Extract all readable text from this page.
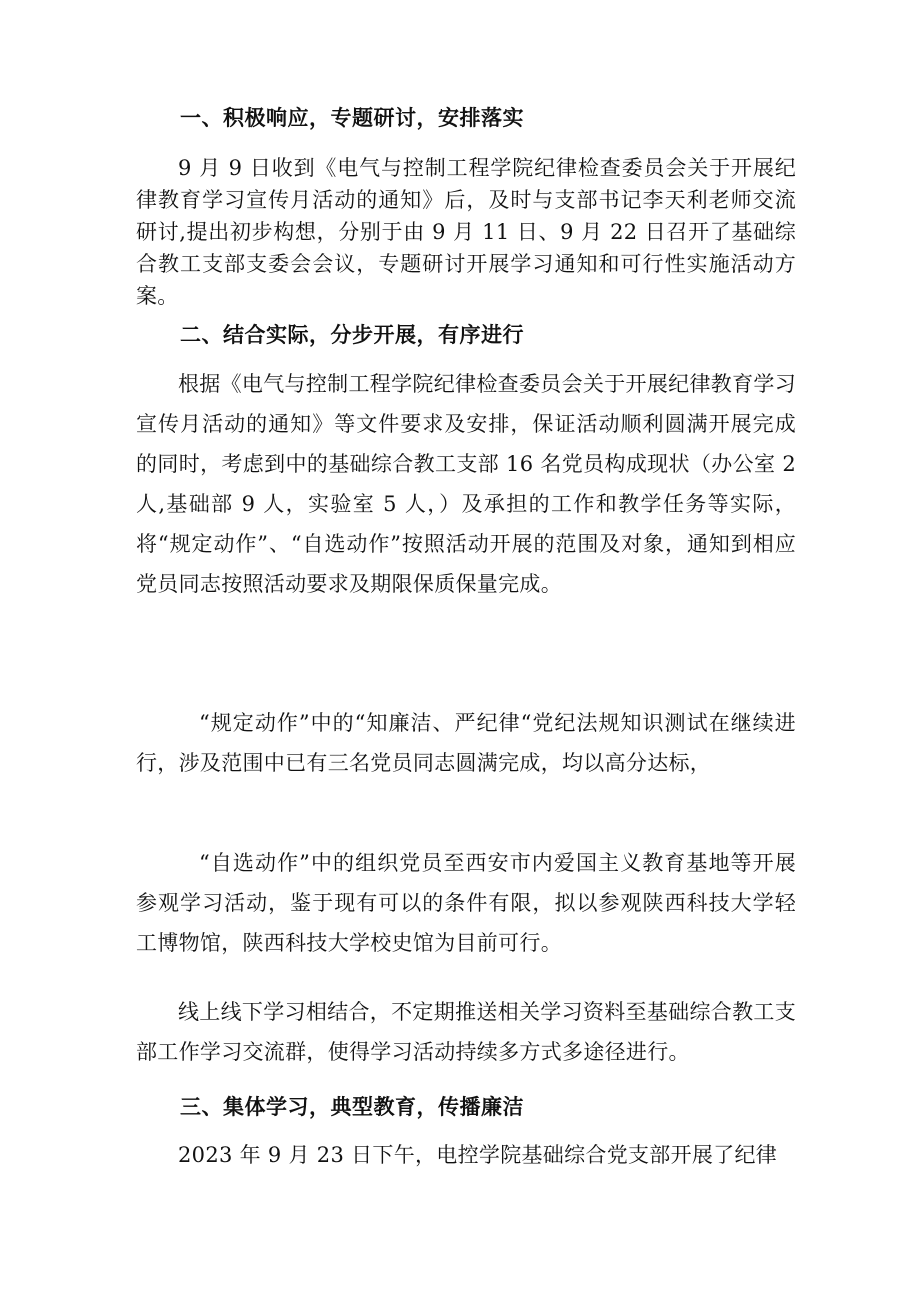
一、积极响应，专题研讨，安排落实
9 月 9 日收到《电气与控制工程学院纪律检查委员会关于开展纪律教育学习宣传月活动的通知》后，及时与支部书记李天利老师交流研讨,提出初步构想，分别于由 9 月 11 日、9 月 22 日召开了基础综合教工支部支委会会议，专题研讨开展学习通知和可行性实施活动方案。
二、结合实际，分步开展，有序进行
根据《电气与控制工程学院纪律检查委员会关于开展纪律教育学习宣传月活动的通知》等文件要求及安排，保证活动顺利圆满开展完成的同时，考虑到中的基础综合教工支部 16 名党员构成现状（办公室 2 人,基础部 9 人，实验室 5 人，）及承担的工作和教学任务等实际，将“规定动作”、“自选动作”按照活动开展的范围及对象，通知到相应党员同志按照活动要求及期限保质保量完成。
“规定动作”中的“知廉洁、严纪律“党纪法规知识测试在继续进行，涉及范围中已有三名党员同志圆满完成，均以高分达标，
“自选动作”中的组织党员至西安市内爱国主义教育基地等开展参观学习活动，鉴于现有可以的条件有限，拟以参观陕西科技大学轻工博物馆，陕西科技大学校史馆为目前可行。
线上线下学习相结合，不定期推送相关学习资料至基础综合教工支部工作学习交流群，使得学习活动持续多方式多途径进行。
三、集体学习，典型教育，传播廉洁
2023 年 9 月 23 日下午，电控学院基础综合党支部开展了纪律
